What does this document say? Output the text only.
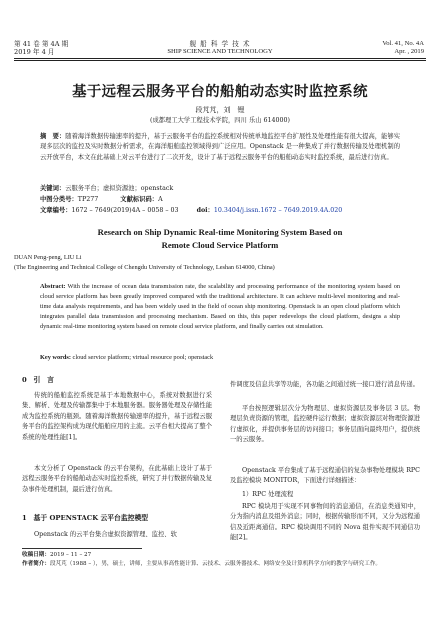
第 41 卷 第 4A 期
2019 年 4 月
舰 船 科 学 技 术
SHIP SCIENCE AND TECHNOLOGY
Vol. 41, No. 4A
Apr. , 2019
基于远程云服务平台的船舶动态实时监控系统
段芃芃，刘　锂
(成都理工大学工程技术学院，四川 乐山 614000)
摘　要：随着海洋数据传输速率的提升，基于云服务平台的监控系统相对传统单地监控平台扩展性及处理性能有很大提高，能够实现多层次的监控及实时数据分析需求，在海洋船舶监控领域得到广泛应用。Openstack 是一种集成了并行数据传输及处理机制的云开放平台，本文在此基础上对云平台进行了二次开发，设计了基于远程云服务平台的船舶动态实时监控系统，最后进行仿真。
关键词：云服务平台；虚拟资源池；openstack
中图分类号：TP277	文献标识码：A
文章编号：1672 – 7649(2019)4A – 0058 – 03	doi：10.3404/j.issn.1672 – 7649.2019.4A.020
Research on Ship Dynamic Real-time Monitoring System Based on
Remote Cloud Service Platform
DUAN Peng-peng, LIU Li
(The Engineering and Technical College of Chengdu University of Technology, Leshan 614000, China)
Abstract: With the increase of ocean data transmission rate, the scalability and processing performance of the monitoring system based on cloud service platform has been greatly improved compared with the traditional architecture. It can achieve multi-level monitoring and real-time data analysis requirements, and has been widely used in the field of ocean ship monitoring. Openstack is an open cloud platform which integrates parallel data transmission and processing mechanism. Based on this, this paper redevelops the cloud platform, designs a ship dynamic real-time monitoring system based on remote cloud service platform, and finally carries out simulation.
Key words: cloud service platform; virtual resource pool; openstack
0　引　言
传统的船舶监控系统是基于本地数据中心，系统对数据进行采集、解析、处理及传输都集中于本地服务器。服务器处理及存储性能成为监控系统的瓶颈。随着海洋数据传输速率的提升，基于远程云服务平台的监控架构成为现代船舶应用的主流。云平台相大提高了整个系统的处理性能[1]。
本文分析了 Openstack 的云平台架构，在此基础上设计了基于远程云服务平台的船舶动态实时监控系统，研究了并行数据传输及复杂事件处理机制，最后进行仿真。
1　基于 OPENSTACK 云平台监控模型
Openstack 的云平台集合虚拟资源管理、监控、软
件调度及信息共享等功能，各功能之间通过统一接口进行消息传递。
平台按照逻辑层次分为物理层、虚拟资源层及事务层 3 层。物理层负责资源的管理，监控硬件运行数据；虚拟资源层对物理资源进行虚拟化，并提供事务层的访问接口；事务层面向最终用户，提供统一的云服务。
Openstack 平台集成了基于远程通信的复杂事物处理模块 RPC 及监控模块 MONITOR，下面进行详细描述：
1）RPC 处理流程
RPC 模块用于实现不同事物间的消息通信，在消息类通知中，分为指内消息及组外消息；同时，根据传输形而不同，又分为远程通信及近距离通信。RPC 模块调用不同的 Nova 组件实现不同通信功能[2]。
收稿日期：2019 – 11 – 27
作者简介：段芃芃（1988 – ），男，硕士，讲师，主要从事高性能计算、云技术、云服务器技术、网络安全及计算机科学方向的教学与研究工作。
